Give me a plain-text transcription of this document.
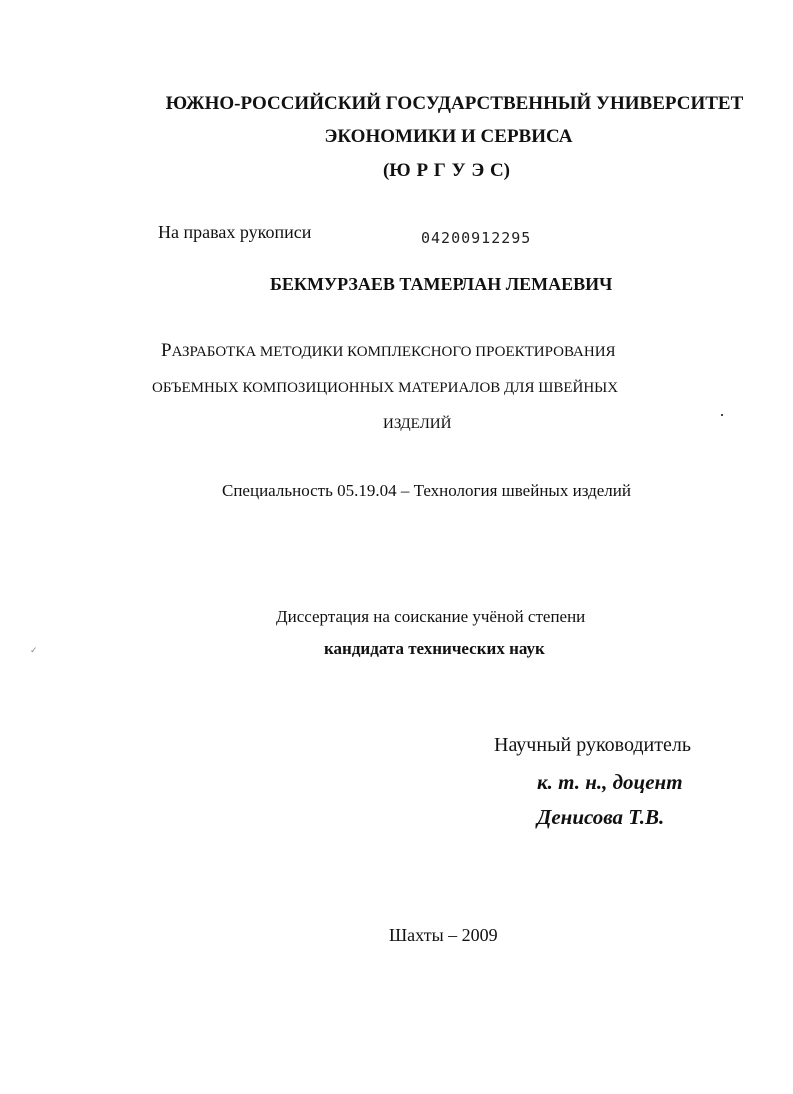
ЮЖНО-РОССИЙСКИЙ ГОСУДАРСТВЕННЫЙ УНИВЕРСИТЕТ
ЭКОНОМИКИ И СЕРВИСА
(Ю Р Г У Э С)
На правах рукописи	04200912295
БЕКМУРЗАЕВ ТАМЕРЛАН ЛЕМАЕВИЧ
РАЗРАБОТКА МЕТОДИКИ КОМПЛЕКСНОГО ПРОЕКТИРОВАНИЯ
ОБЪЕМНЫХ КОМПОЗИЦИОННЫХ МАТЕРИАЛОВ ДЛЯ ШВЕЙНЫХ
ИЗДЕЛИЙ
Специальность 05.19.04 – Технология швейных изделий
Диссертация на соискание учёной степени
кандидата технических наук
Научный руководитель
к. т. н., доцент
Денисова Т.В.
Шахты – 2009
✓
